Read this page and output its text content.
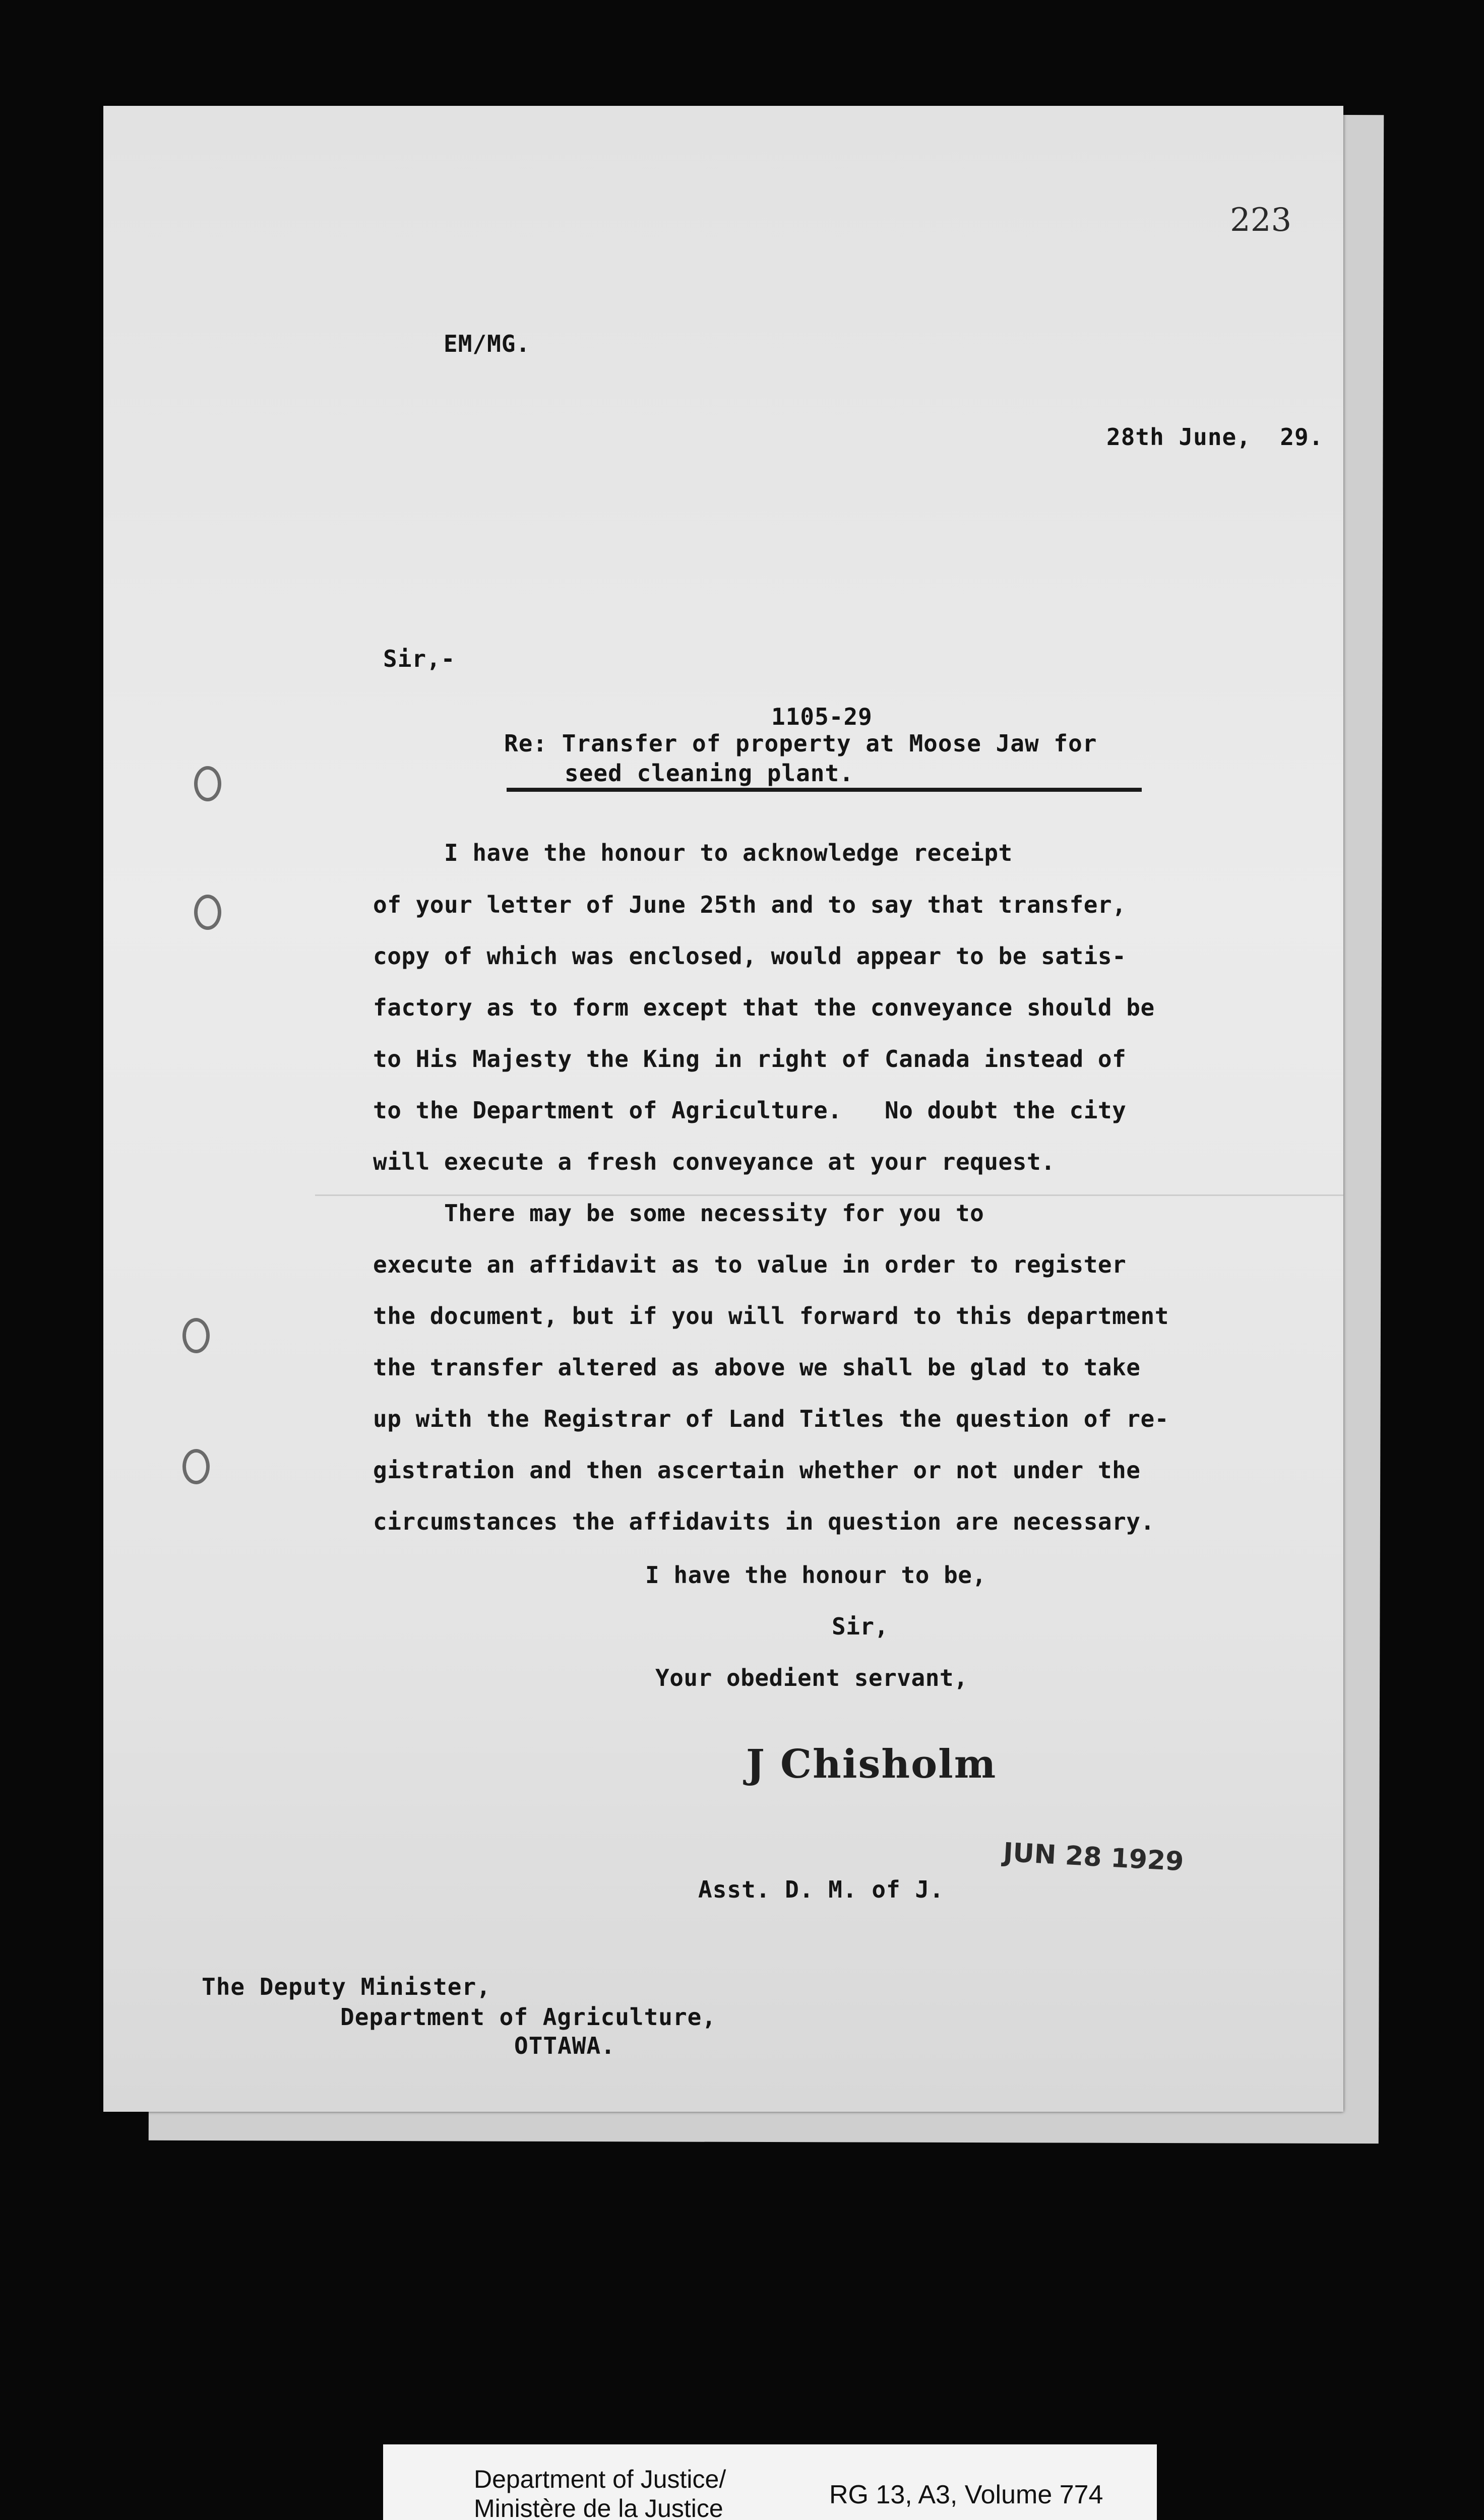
223
EM/MG.
28th June,  29.
Sir,-
1105-29
Re: Transfer of property at Moose Jaw for
seed cleaning plant.
I have the honour to acknowledge receipt
of your letter of June 25th and to say that transfer,
copy of which was enclosed, would appear to be satis-
factory as to form except that the conveyance should be
to His Majesty the King in right of Canada instead of
to the Department of Agriculture.   No doubt the city
will execute a fresh conveyance at your request.
There may be some necessity for you to
execute an affidavit as to value in order to register
the document, but if you will forward to this department
the transfer altered as above we shall be glad to take
up with the Registrar of Land Titles the question of re-
gistration and then ascertain whether or not under the
circumstances the affidavits in question are necessary.
I have the honour to be,
Sir,
Your obedient servant,
J Chisholm
JUN 28 1929
Asst. D. M. of J.
The Deputy Minister,
Department of Agriculture,
OTTAWA.
Department of Justice/
Ministère de la Justice	RG 13, A3, Volume 774
